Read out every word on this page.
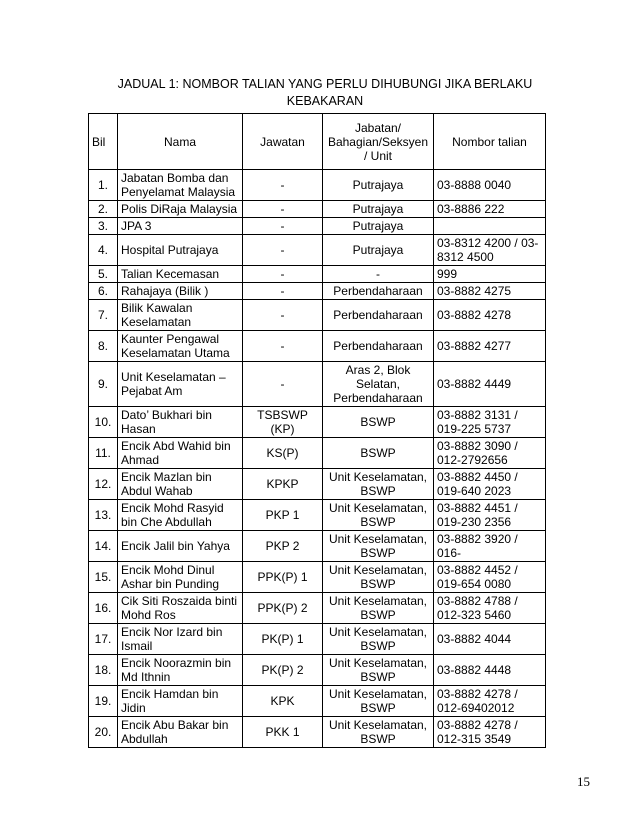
JADUAL 1: NOMBOR TALIAN YANG PERLU DIHUBUNGI JIKA BERLAKU KEBAKARAN
Bil	Nama	Jawatan	Jabatan/ Bahagian/Seksyen / Unit	Nombor talian
1.	Jabatan Bomba dan Penyelamat Malaysia	-	Putrajaya	03-8888 0040
2.	Polis DiRaja Malaysia	-	Putrajaya	03-8886 222
3.	JPA 3	-	Putrajaya	
4.	Hospital Putrajaya	-	Putrajaya	03-8312 4200 / 03-8312 4500
5.	Talian Kecemasan	-	-	999
6.	Rahajaya (Bilik )	-	Perbendaharaan	03-8882 4275
7.	Bilik Kawalan Keselamatan	-	Perbendaharaan	03-8882 4278
8.	Kaunter Pengawal Keselamatan Utama	-	Perbendaharaan	03-8882 4277
9.	Unit Keselamatan – Pejabat Am	-	Aras 2, Blok Selatan, Perbendaharaan	03-8882 4449
10.	Dato’ Bukhari bin Hasan	TSBSWP (KP)	BSWP	03-8882 3131 / 019-225 5737
11.	Encik Abd Wahid bin Ahmad	KS(P)	BSWP	03-8882 3090 / 012-2792656
12.	Encik Mazlan bin Abdul Wahab	KPKP	Unit Keselamatan, BSWP	03-8882 4450 / 019-640 2023
13.	Encik Mohd Rasyid bin Che Abdullah	PKP 1	Unit Keselamatan, BSWP	03-8882 4451 / 019-230 2356
14.	Encik Jalil bin Yahya	PKP 2	Unit Keselamatan, BSWP	03-8882 3920 / 016-
15.	Encik Mohd Dinul Ashar bin Punding	PPK(P) 1	Unit Keselamatan, BSWP	03-8882 4452 / 019-654 0080
16.	Cik Siti Roszaida binti Mohd Ros	PPK(P) 2	Unit Keselamatan, BSWP	03-8882 4788 / 012-323 5460
17.	Encik Nor Izard bin Ismail	PK(P) 1	Unit Keselamatan, BSWP	03-8882 4044
18.	Encik Noorazmin bin Md Ithnin	PK(P) 2	Unit Keselamatan, BSWP	03-8882 4448
19.	Encik Hamdan bin Jidin	KPK	Unit Keselamatan, BSWP	03-8882 4278 / 012-69402012
20.	Encik Abu Bakar bin Abdullah	PKK 1	Unit Keselamatan, BSWP	03-8882 4278 / 012-315 3549
15
